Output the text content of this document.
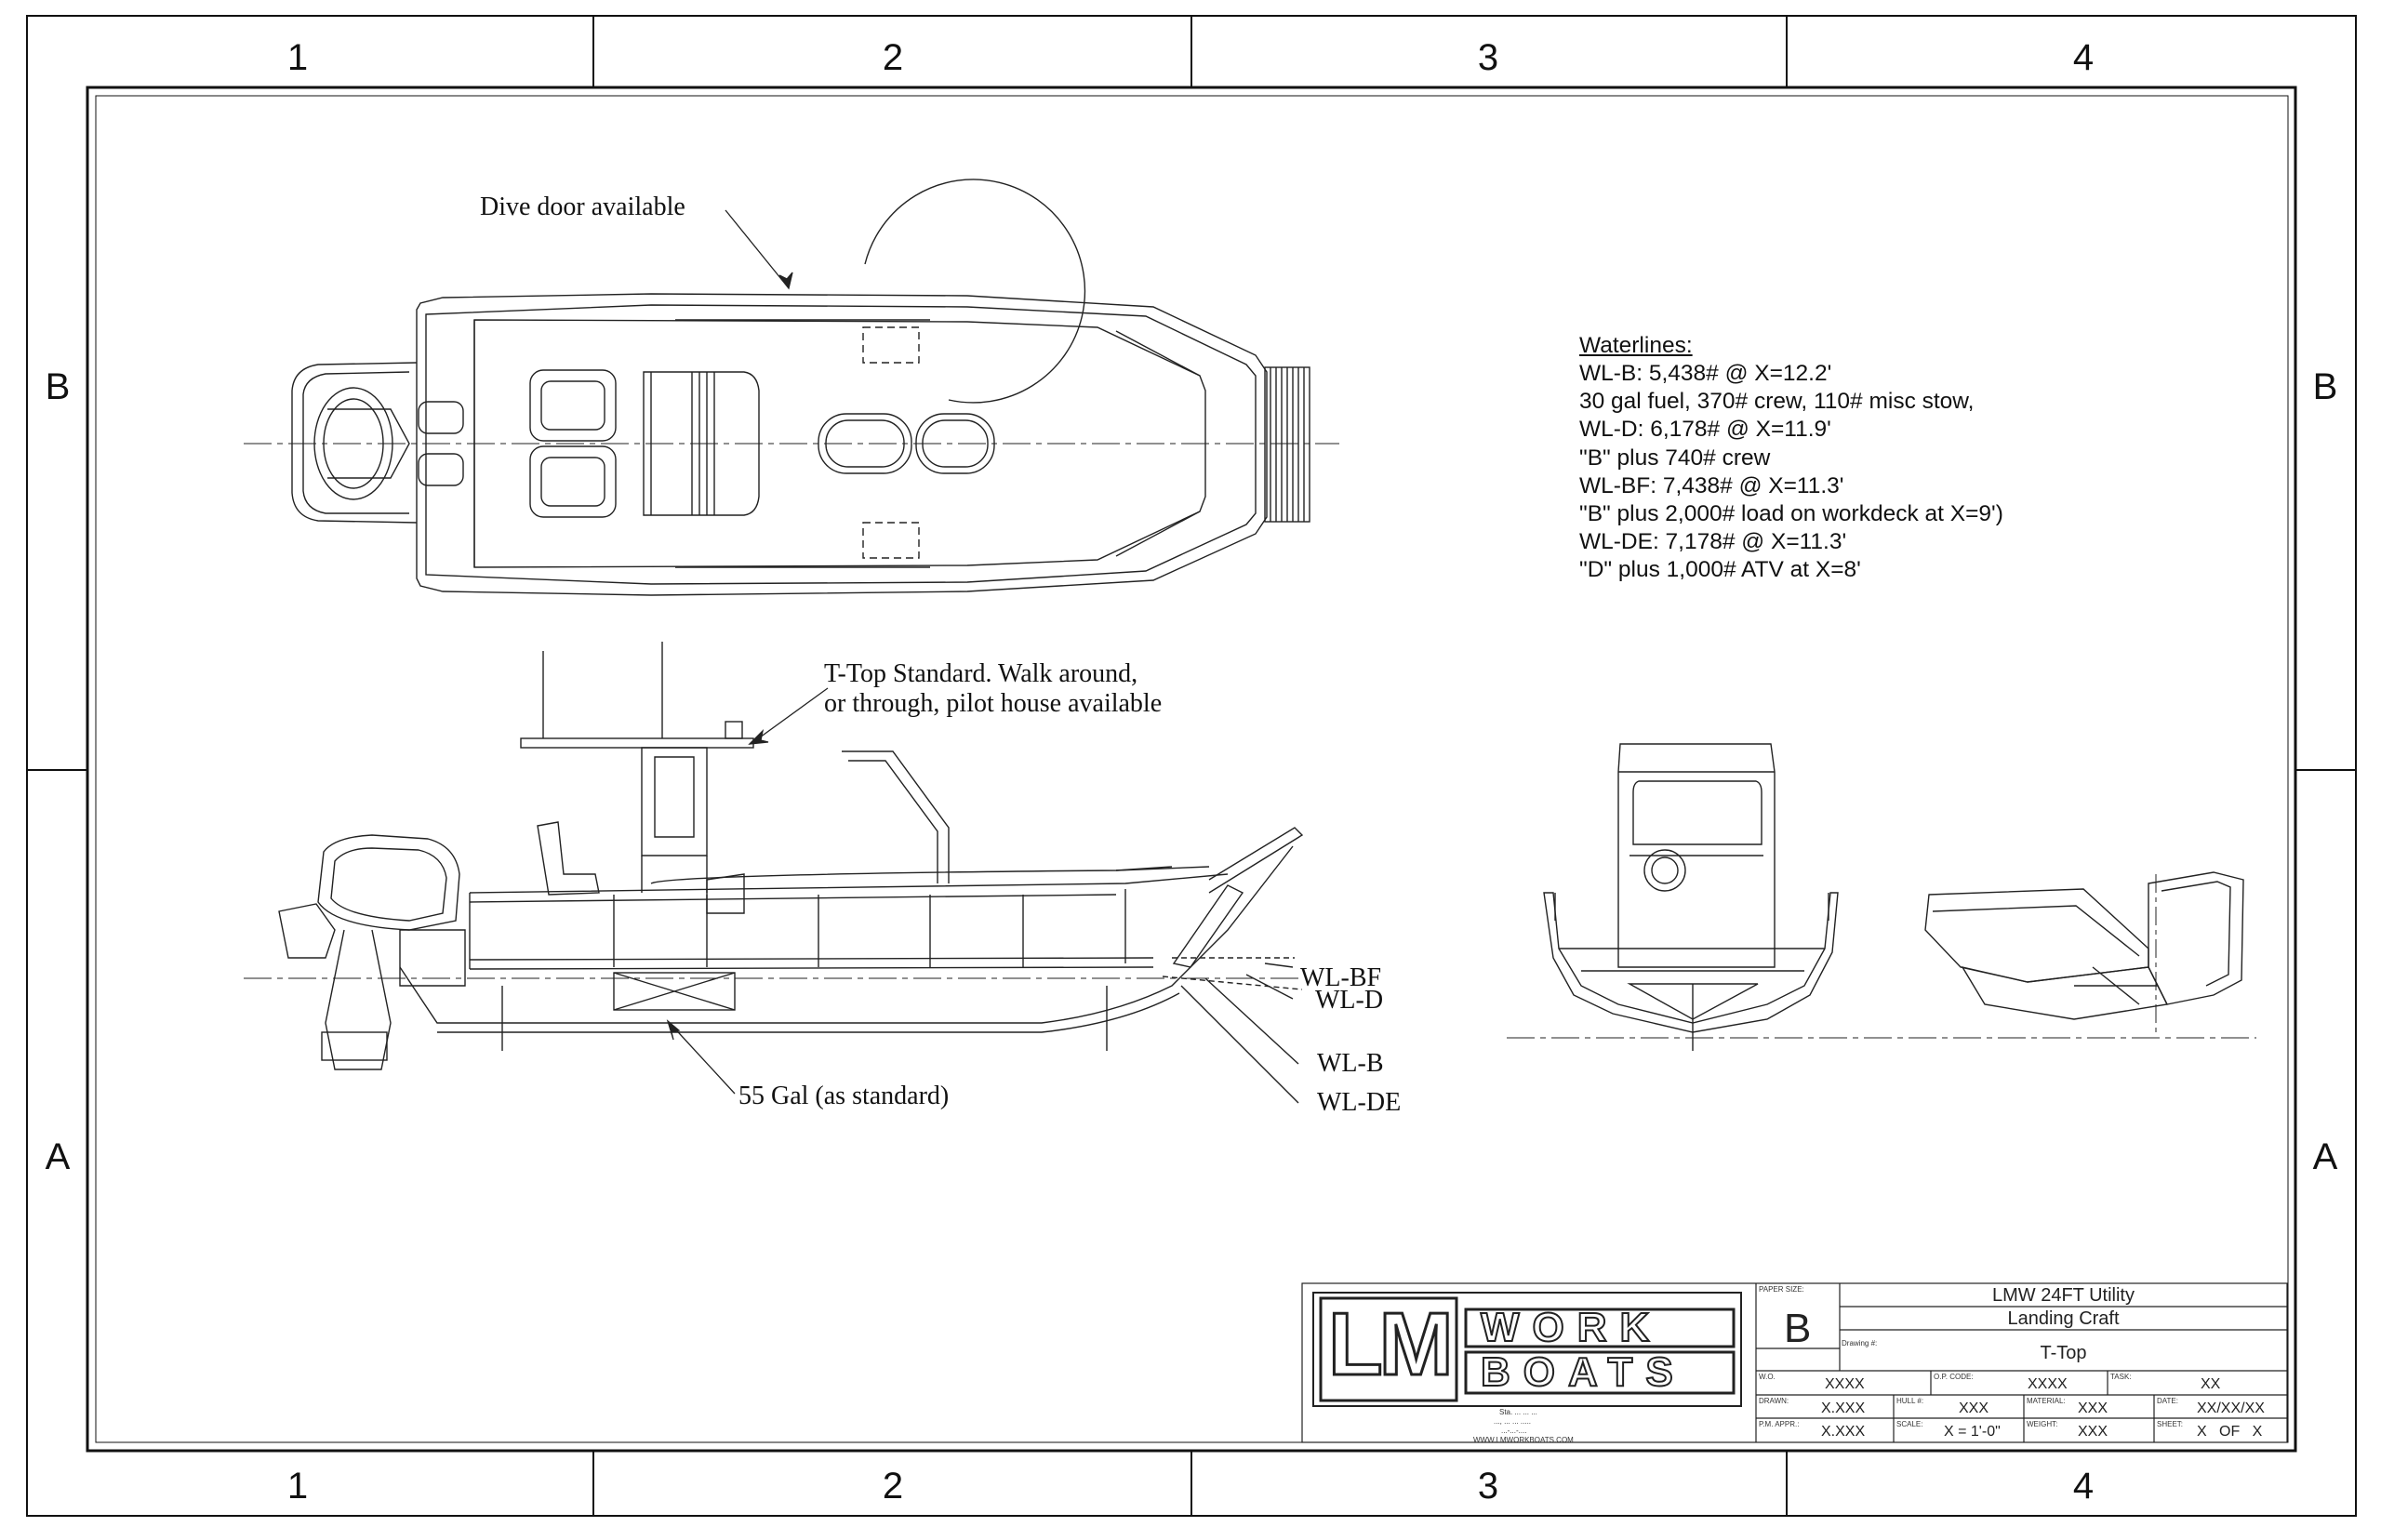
1	2	3	4
1	2	3	4
B
A
B
A
Dive door available
T-Top Standard. Walk around,
or through, pilot house available
55 Gal (as standard)
WL-BF
WL-D
WL-B
WL-DE
Waterlines:
WL-B: 5,438# @ X=12.2'
30 gal fuel, 370# crew, 110# misc stow,
WL-D: 6,178# @ X=11.9'
"B" plus 740# crew
WL-BF: 7,438# @ X=11.3'
"B" plus 2,000# load on workdeck at X=9')
WL-DE: 7,178# @ X=11.3'
"D" plus 1,000# ATV at X=8'
LM WORK
BOATS
Sta. ... ... ...
..., ... ... .....
...-...-....
WWW.LMWORKBOATS.COM
PAPER SIZE:
B
LMW 24FT Utility
Landing Craft
T-Top
Drawing #:
W.O.	XXXX	O.P. CODE:	XXXX	TASK:	XX
DRAWN: X.XXX	HULL #: XXX	MATERIAL: XXX	DATE: XX/XX/XX
P.M. APPR.: X.XXX	SCALE: X = 1'-0"	WEIGHT: XXX	SHEET: X   OF   X
